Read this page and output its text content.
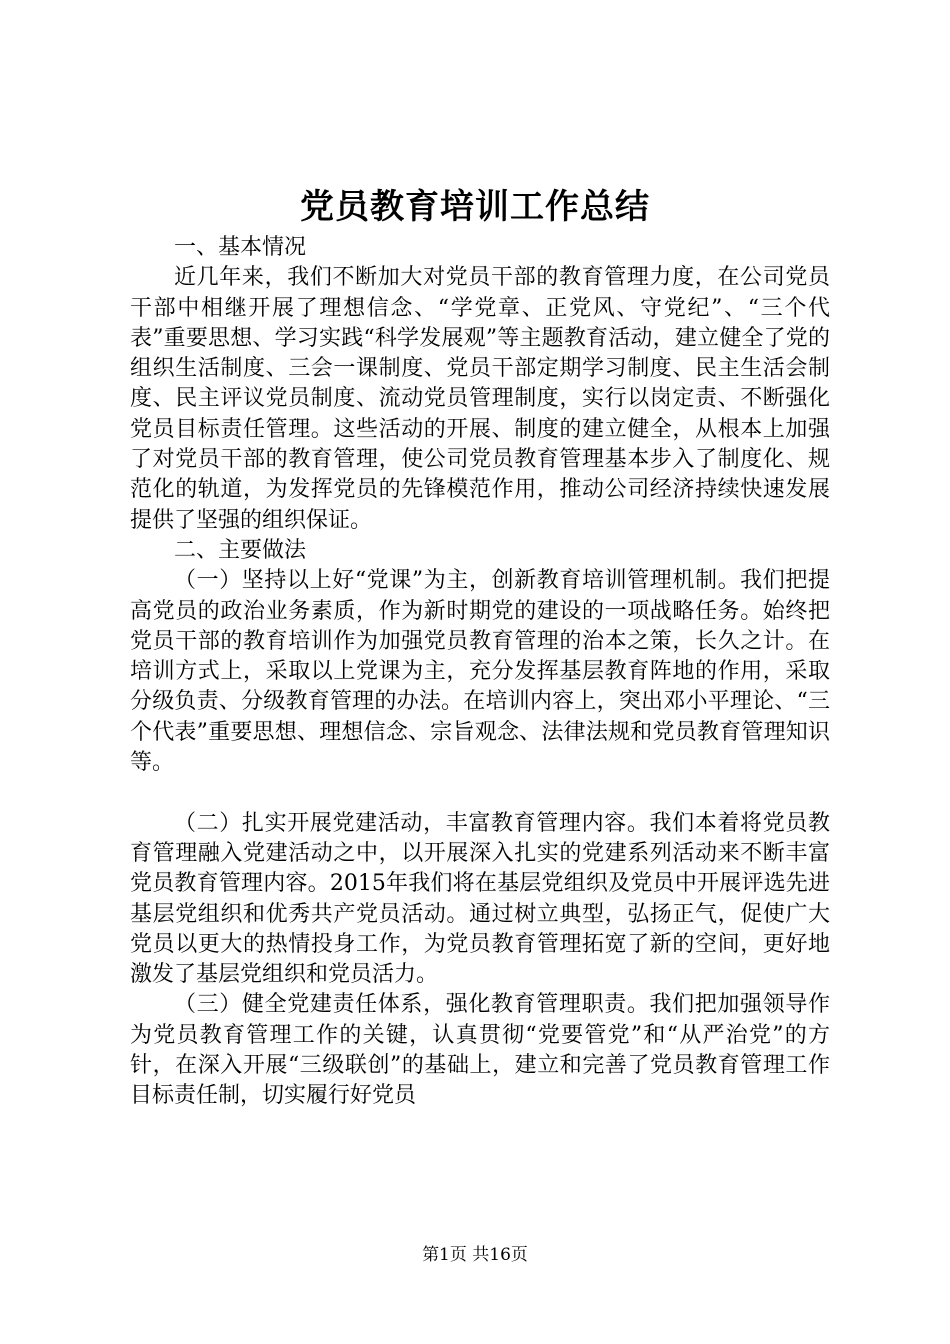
党员教育培训工作总结

一、基本情况

近几年来，我们不断加大对党员干部的教育管理力度，在公司党员干部中相继开展了理想信念、“学党章、正党风、守党纪”、“三个代表”重要思想、学习实践“科学发展观”等主题教育活动，建立健全了党的组织生活制度、三会一课制度、党员干部定期学习制度、民主生活会制度、民主评议党员制度、流动党员管理制度，实行以岗定责、不断强化党员目标责任管理。这些活动的开展、制度的建立健全，从根本上加强了对党员干部的教育管理，使公司党员教育管理基本步入了制度化、规范化的轨道，为发挥党员的先锋模范作用，推动公司经济持续快速发展提供了坚强的组织保证。

二、主要做法

（一）坚持以上好“党课”为主，创新教育培训管理机制。我们把提高党员的政治业务素质，作为新时期党的建设的一项战略任务。始终把党员干部的教育培训作为加强党员教育管理的治本之策，长久之计。在培训方式上，采取以上党课为主，充分发挥基层教育阵地的作用，采取分级负责、分级教育管理的办法。在培训内容上，突出邓小平理论、“三个代表”重要思想、理想信念、宗旨观念、法律法规和党员教育管理知识等。

（二）扎实开展党建活动，丰富教育管理内容。我们本着将党员教育管理融入党建活动之中，以开展深入扎实的党建系列活动来不断丰富党员教育管理内容。2015年我们将在基层党组织及党员中开展评选先进基层党组织和优秀共产党员活动。通过树立典型，弘扬正气，促使广大党员以更大的热情投身工作，为党员教育管理拓宽了新的空间，更好地激发了基层党组织和党员活力。

（三）健全党建责任体系，强化教育管理职责。我们把加强领导作为党员教育管理工作的关键，认真贯彻“党要管党”和“从严治党”的方针，在深入开展“三级联创”的基础上，建立和完善了党员教育管理工作目标责任制，切实履行好党员

第1页 共16页
